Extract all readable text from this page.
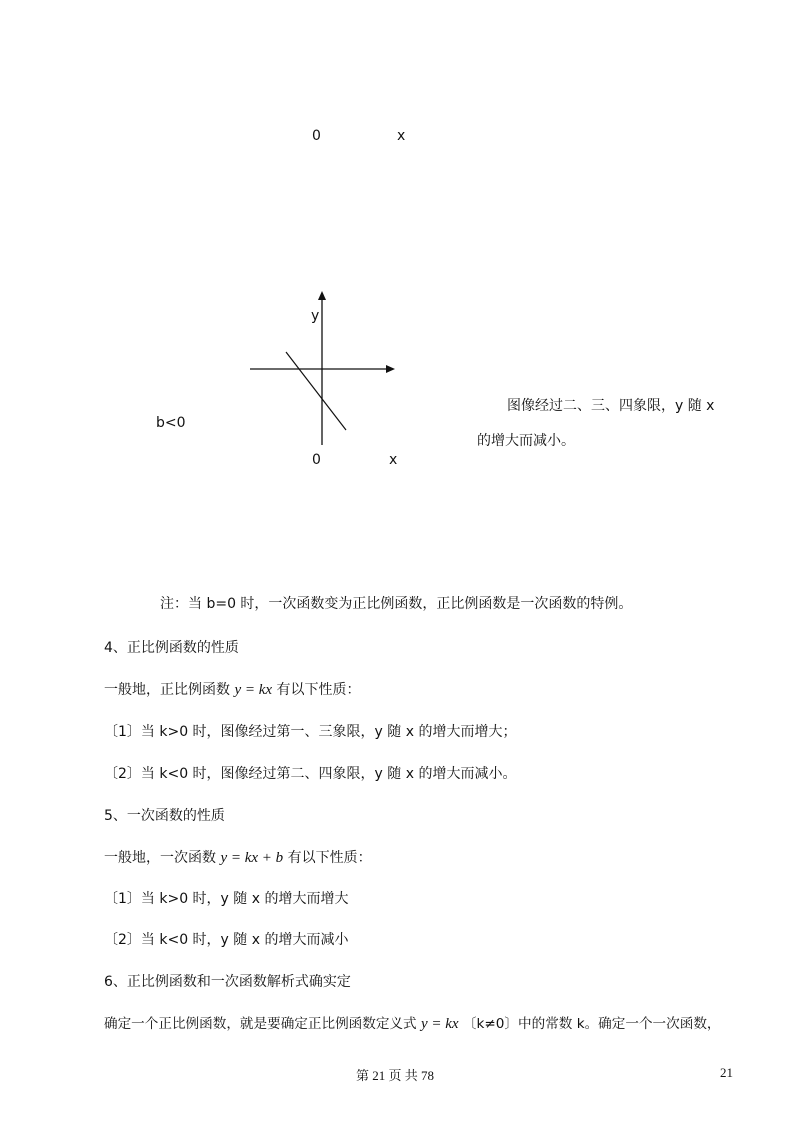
0	x
y
b<0
0	x
图像经过二、三、四象限，y 随 x
的增大而减小。
注：当 b=0 时，一次函数变为正比例函数，正比例函数是一次函数的特例。
4、正比例函数的性质
一般地，正比例函数 y = kx 有以下性质：
〔1〕当 k>0 时，图像经过第一、三象限，y 随 x 的增大而增大；
〔2〕当 k<0 时，图像经过第二、四象限，y 随 x 的增大而减小。
5、一次函数的性质
一般地，一次函数 y = kx + b 有以下性质：
〔1〕当 k>0 时，y 随 x 的增大而增大
〔2〕当 k<0 时，y 随 x 的增大而减小
6、正比例函数和一次函数解析式确实定
确定一个正比例函数，就是要确定正比例函数定义式 y = kx 〔k≠0〕中的常数 k。确定一个一次函数，
第 21 页 共 78	21
